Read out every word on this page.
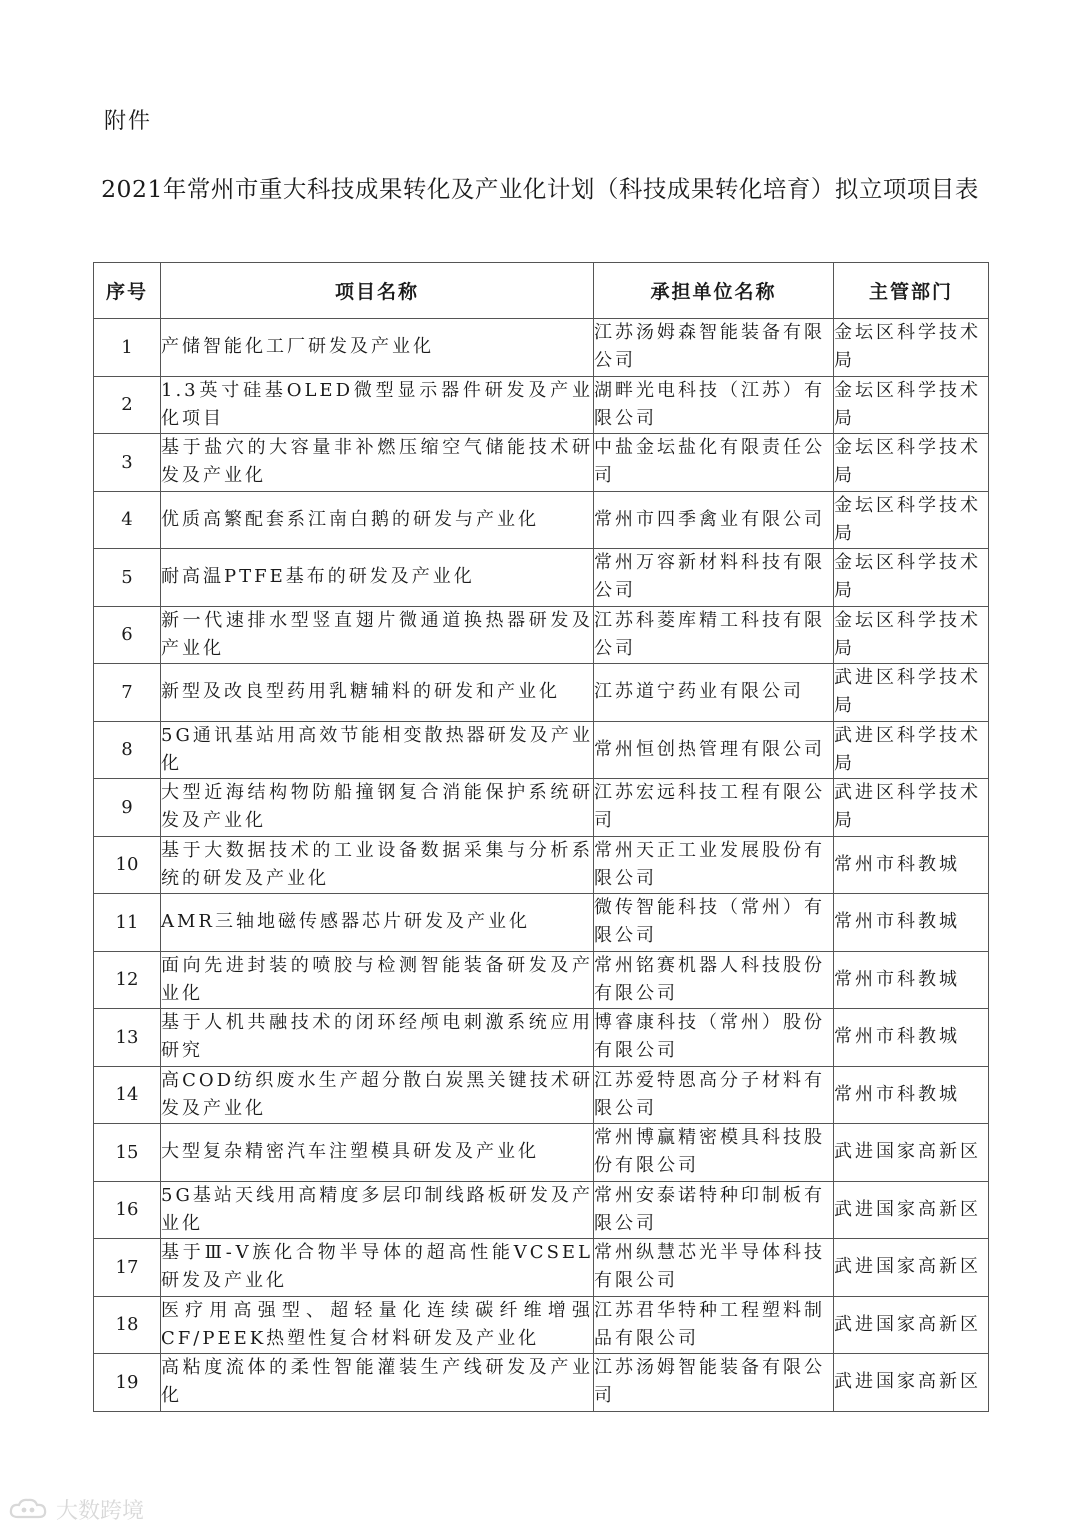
附件
2021年常州市重大科技成果转化及产业化计划（科技成果转化培育）拟立项项目表
序号	项目名称	承担单位名称	主管部门
1	产储智能化工厂研发及产业化	江苏汤姆森智能装备有限公司	金坛区科学技术局
2	1.3英寸硅基OLED微型显示器件研发及产业化项目	湖畔光电科技（江苏）有限公司	金坛区科学技术局
3	基于盐穴的大容量非补燃压缩空气储能技术研发及产业化	中盐金坛盐化有限责任公司	金坛区科学技术局
4	优质高繁配套系江南白鹅的研发与产业化	常州市四季禽业有限公司	金坛区科学技术局
5	耐高温PTFE基布的研发及产业化	常州万容新材料科技有限公司	金坛区科学技术局
6	新一代速排水型竖直翅片微通道换热器研发及产业化	江苏科菱库精工科技有限公司	金坛区科学技术局
7	新型及改良型药用乳糖辅料的研发和产业化	江苏道宁药业有限公司	武进区科学技术局
8	5G通讯基站用高效节能相变散热器研发及产业化	常州恒创热管理有限公司	武进区科学技术局
9	大型近海结构物防船撞钢复合消能保护系统研发及产业化	江苏宏远科技工程有限公司	武进区科学技术局
10	基于大数据技术的工业设备数据采集与分析系统的研发及产业化	常州天正工业发展股份有限公司	常州市科教城
11	AMR三轴地磁传感器芯片研发及产业化	微传智能科技（常州）有限公司	常州市科教城
12	面向先进封装的喷胶与检测智能装备研发及产业化	常州铭赛机器人科技股份有限公司	常州市科教城
13	基于人机共融技术的闭环经颅电刺激系统应用研究	博睿康科技（常州）股份有限公司	常州市科教城
14	高COD纺织废水生产超分散白炭黑关键技术研发及产业化	江苏爱特恩高分子材料有限公司	常州市科教城
15	大型复杂精密汽车注塑模具研发及产业化	常州博赢精密模具科技股份有限公司	武进国家高新区
16	5G基站天线用高精度多层印制线路板研发及产业化	常州安泰诺特种印制板有限公司	武进国家高新区
17	基于Ⅲ-Ⅴ族化合物半导体的超高性能VCSEL研发及产业化	常州纵慧芯光半导体科技有限公司	武进国家高新区
18	医疗用高强型、超轻量化连续碳纤维增强CF/PEEK热塑性复合材料研发及产业化	江苏君华特种工程塑料制品有限公司	武进国家高新区
19	高粘度流体的柔性智能灌装生产线研发及产业化	江苏汤姆智能装备有限公司	武进国家高新区
大数跨境
